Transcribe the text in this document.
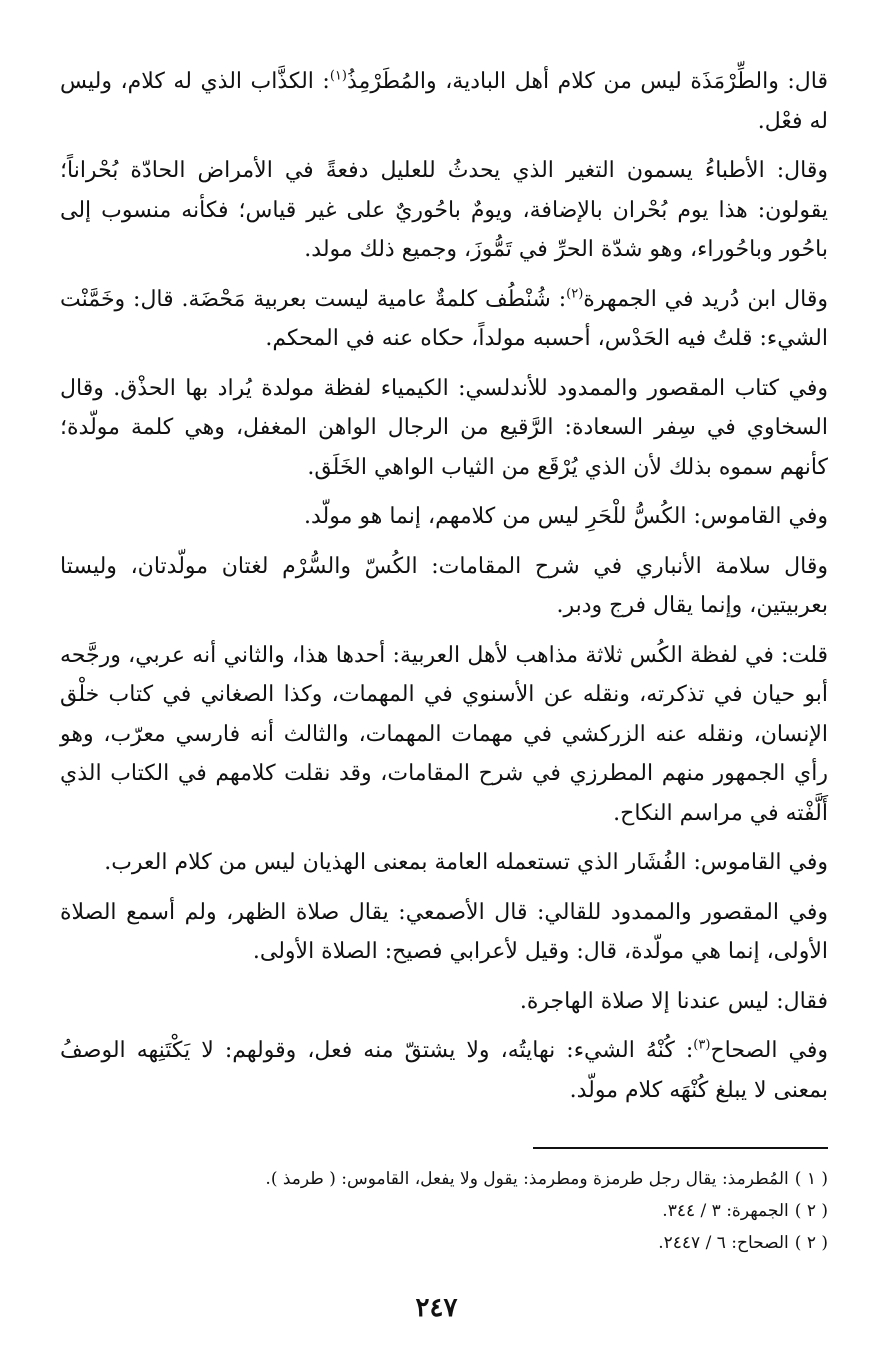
قال: والطِّرْمَذَة ليس من كلام أهل البادية، والمُطَرْمِذُ$^{(١)}$: الكذَّاب الذي له كلام، وليس له فعْل.

وقال: الأطباءُ يسمون التغير الذي يحدثُ للعليل دفعةً في الأمراض الحادّة بُحْراناً؛ يقولون: هذا يوم بُحْران بالإضافة، ويومٌ باحُوريٌ على غير قياس؛ فكأنه منسوب إلى باحُور وباحُوراء، وهو شدّة الحرِّ في تَمُّوزَ، وجميع ذلك مولد.

وقال ابن دُريد في الجمهرة$^{(٢)}$: شُنْطُف كلمةٌ عامية ليست بعربية مَحْضَة. قال: وخَمَّنْت الشيء: قلتُ فيه الحَدْس، أحسبه مولداً، حكاه عنه في المحكم.

وفي كتاب المقصور والممدود للأندلسي: الكيمياء لفظة مولدة يُراد بها الحذْق. وقال السخاوي في سِفر السعادة: الرَّقيع من الرجال الواهن المغفل، وهي كلمة مولّدة؛ كأنهم سموه بذلك لأن الذي يُرْقَع من الثياب الواهي الخَلَق.

وفي القاموس: الكُسُّ للْحَرِ ليس من كلامهم، إنما هو مولّد.

وقال سلامة الأنباري في شرح المقامات: الكُسّ والسُّرْم لغتان مولّدتان، وليستا بعربيتين، وإنما يقال فرج ودبر.

قلت: في لفظة الكُس ثلاثة مذاهب لأهل العربية: أحدها هذا، والثاني أنه عربي، ورجَّحه أبو حيان في تذكرته، ونقله عن الأسنوي في المهمات، وكذا الصغاني في كتاب خلْق الإنسان، ونقله عنه الزركشي في مهمات المهمات، والثالث أنه فارسي معرّب، وهو رأي الجمهور منهم المطرزي في شرح المقامات، وقد نقلت كلامهم في الكتاب الذي أَلَّفْته في مراسم النكاح.

وفي القاموس: الفُشَار الذي تستعمله العامة بمعنى الهذيان ليس من كلام العرب.

وفي المقصور والممدود للقالي: قال الأصمعي: يقال صلاة الظهر، ولم أسمع الصلاة الأولى، إنما هي مولّدة، قال: وقيل لأعرابي فصيح: الصلاة الأولى.

فقال: ليس عندنا إلا صلاة الهاجرة.

وفي الصحاح$^{(٣)}$: كُنْهُ الشيء: نهايتُه، ولا يشتقّ منه فعل، وقولهم: لا يَكْتَنِهه الوصفُ بمعنى لا يبلغ كُنْهَه كلام مولّد.

( ١ )المُطرمذ: يقال رجل طرمزة ومطرمذ: يقول ولا يفعل، القاموس: ( طرمذ ).

( ٢ )الجمهرة: ٣ / ٣٤٤.

( ٢ )الصحاح: ٦ / ٢٤٤٧.

٢٤٧
